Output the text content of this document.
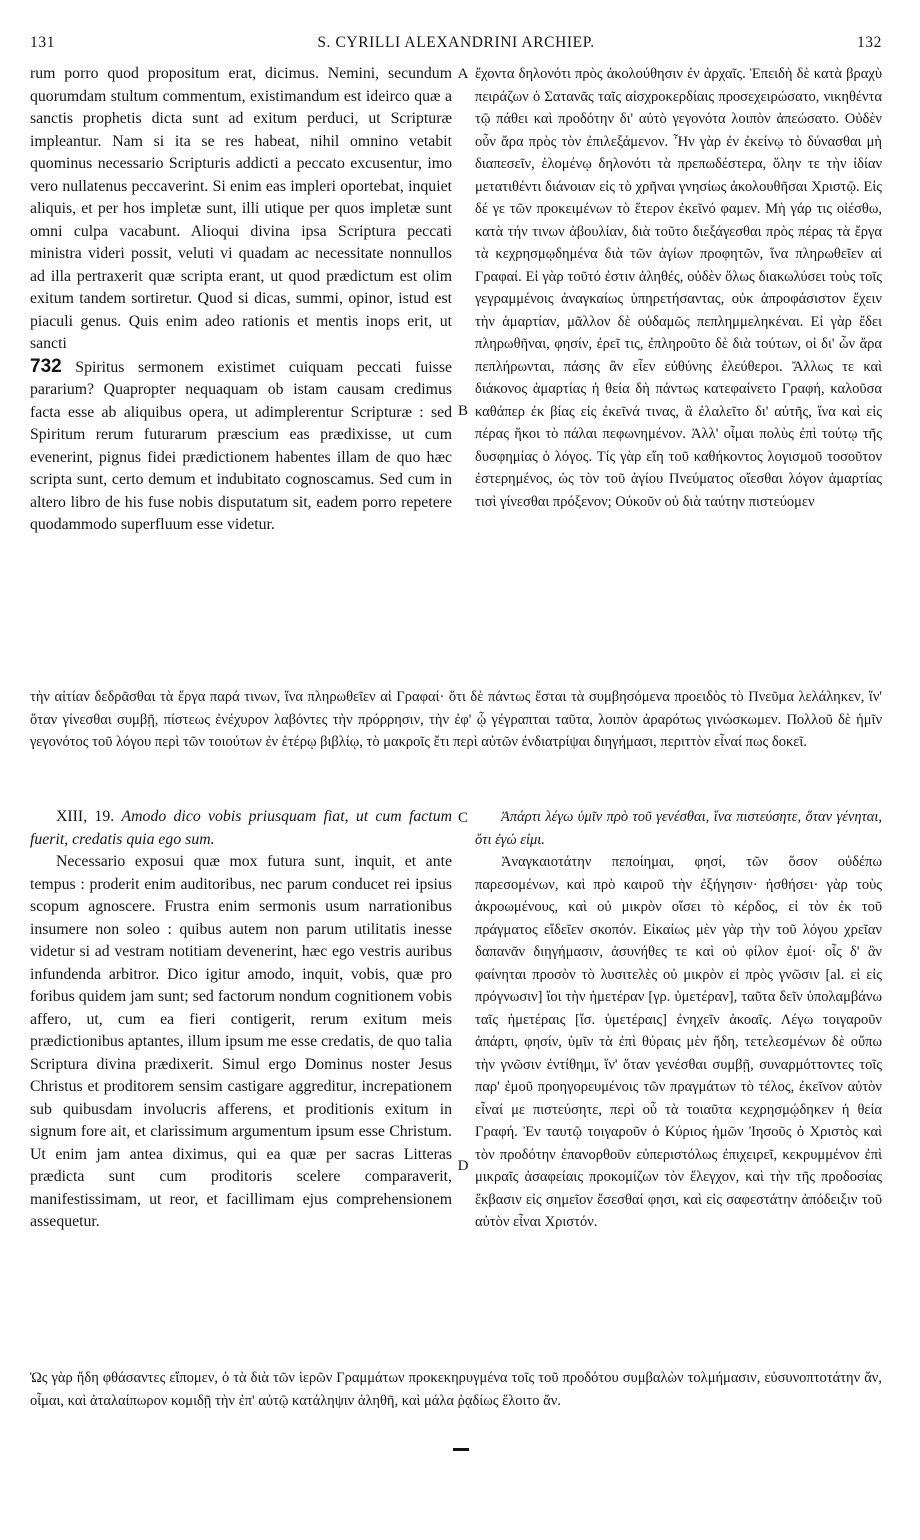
131	S. CYRILLI ALEXANDRINI ARCHIEP.	132

rum porro quod propositum erat, dicimus. Nemini, secundum quorumdam stultum commentum, existimandum est ideirco quæ a sanctis prophetis dicta sunt ad exitum perduci, ut Scripturæ impleantur. Nam si ita se res habeat, nihil omnino vetabit quominus necessario Scripturis addicti a peccato excusentur, imo vero nullatenus peccaverint. Si enim eas impleri oportebat, inquiet aliquis, et per hos impletæ sunt, illi utique per quos impletæ sunt omni culpa vacabunt. Alioqui divina ipsa Scriptura peccati ministra videri possit, veluti vi quadam ac necessitate nonnullos ad illa pertraxerit quæ scripta erant, ut quod prædictum est olim exitum tandem sortiretur. Quod si dicas, summi, opinor, istud est piaculi genus. Quis enim adeo rationis et mentis inops erit, ut sancti

732 Spiritus sermonem existimet cuiquam peccati fuisse pararium? Quapropter nequaquam ob istam causam credimus facta esse ab aliquibus opera, ut adimplerentur Scripturæ : sed Spiritum rerum futurarum præscium eas prædixisse, ut cum evenerint, pignus fidei prædictionem habentes illam de quo hæc scripta sunt, certo demum et indubitato cognoscamus. Sed cum in altero libro de his fuse nobis disputatum sit, eadem porro repetere quodammodo superfluum esse videtur.

ἔχοντα δηλονότι πρὸς ἀκολούθησιν ἐν ἀρχαῖς. Ἐπειδὴ δὲ κατὰ βραχὺ πειράζων ὁ Σατανᾶς ταῖς αἰσχροκερδίαις προσεχειρώσατο, νικηθέντα τῷ πάθει καὶ προδότην δι' αὐτὸ γεγονότα λοιπὸν ἀπεώσατο. Οὐδὲν οὖν ἄρα πρὸς τὸν ἐπιλεξάμενον. Ἦν γὰρ ἐν ἐκείνῳ τὸ δύνασθαι μὴ διαπεσεῖν, ἑλομένῳ δηλονότι τὰ πρεπωδέστερα, ὅλην τε τὴν ἰδίαν μετατιθέντι διάνοιαν εἰς τὸ χρῆναι γνησίως ἀκολουθῆσαι Χριστῷ. Εἰς δέ γε τῶν προκειμένων τὸ ἕτερον ἐκεῖνό φαμεν. Μὴ γάρ τις οἰέσθω, κατὰ τήν τινων ἀβουλίαν, διὰ τοῦτο διεξάγεσθαι πρὸς πέρας τὰ ἔργα τὰ κεχρησμῳδημένα διὰ τῶν ἁγίων προφητῶν, ἵνα πληρωθεῖεν αἱ Γραφαί. Εἰ γὰρ τοῦτό ἐστιν ἀληθές, οὐδὲν ὅλως διακωλύσει τοὺς τοῖς γεγραμμένοις ἀναγκαίως ὑπηρετήσαντας, οὐκ ἀπροφάσιστον ἔχειν τὴν ἁμαρτίαν, μᾶλλον δὲ οὐδαμῶς πεπλημμεληκέναι. Εἰ γὰρ ἔδει πληρωθῆναι, φησίν, ἐρεῖ τις, ἐπληροῦτο δὲ διὰ τούτων, οἱ δι' ὧν ἄρα πεπλήρωνται, πάσης ἂν εἶεν εὐθύνης ἐλεύθεροι. Ἄλλως τε καὶ διάκονος ἁμαρτίας ἡ θεία δὴ πάντως κατεφαίνετο Γραφή, καλοῦσα καθάπερ ἐκ βίας εἰς ἐκεῖνά τινας, ἃ ἐλαλεῖτο δι' αὐτῆς, ἵνα καὶ εἰς πέρας ἥκοι τὸ πάλαι πεφωνημένον. Ἀλλ' οἶμαι πολὺς ἐπὶ τούτῳ τῆς δυσφημίας ὁ λόγος. Τίς γὰρ εἴη τοῦ καθήκοντος λογισμοῦ τοσοῦτον ἐστερημένος, ὡς τὸν τοῦ ἁγίου Πνεύματος οἴεσθαι λόγον ἁμαρτίας τισὶ γίνεσθαι πρόξενον; Οὐκοῦν οὐ διὰ ταύτην πιστεύομεν

A
B

τὴν αἰτίαν δεδρᾶσθαι τὰ ἔργα παρά τινων, ἵνα πληρωθεῖεν αἱ Γραφαί· ὅτι δὲ πάντως ἔσται τὰ συμβησόμενα προειδὸς τὸ Πνεῦμα λελάληκεν, ἵν' ὅταν γίνεσθαι συμβῇ, πίστεως ἐνέχυρον λαβόντες τὴν πρόρρησιν, τὴν ἐφ' ᾧ γέγραπται ταῦτα, λοιπὸν ἀραρότως γινώσκωμεν. Πολλοῦ δὲ ἡμῖν γεγονότος τοῦ λόγου περὶ τῶν τοιούτων ἐν ἑτέρῳ βιβλίῳ, τὸ μακροῖς ἔτι περὶ αὐτῶν ἐνδιατρίψαι διηγήμασι, περιττὸν εἶναί πως δοκεῖ.

XIII, 19. Amodo dico vobis priusquam fiat, ut cum factum fuerit, credatis quia ego sum.

Necessario exposui quæ mox futura sunt, inquit, et ante tempus : proderit enim auditoribus, nec parum conducet rei ipsius scopum agnoscere. Frustra enim sermonis usum narrationibus insumere non soleo : quibus autem non parum utilitatis inesse videtur si ad vestram notitiam devenerint, hæc ego vestris auribus infundenda arbitror. Dico igitur amodo, inquit, vobis, quæ pro foribus quidem jam sunt; sed factorum nondum cognitionem vobis affero, ut, cum ea fieri contigerit, rerum exitum meis prædictionibus aptantes, illum ipsum me esse credatis, de quo talia Scriptura divina prædixerit. Simul ergo Dominus noster Jesus Christus et proditorem sensim castigare aggreditur, increpationem sub quibusdam involucris afferens, et proditionis exitum in signum fore ait, et clarissimum argumentum ipsum esse Christum. Ut enim jam antea diximus, qui ea quæ per sacras Litteras prædicta sunt cum proditoris scelere comparaverit, manifestissimam, ut reor, et facillimam ejus comprehensionem assequetur.

Ἀπάρτι λέγω ὑμῖν πρὸ τοῦ γενέσθαι, ἵνα πιστεύσητε, ὅταν γένηται, ὅτι ἐγώ εἰμι.

Ἀναγκαιοτάτην πεποίημαι, φησί, τῶν ὅσον οὐδέπω παρεσομένων, καὶ πρὸ καιροῦ τὴν ἐξήγησιν· ἠσθήσει· γὰρ τοὺς ἀκροωμένους, καὶ οὐ μικρὸν οἴσει τὸ κέρδος, εἰ τὸν ἐκ τοῦ πράγματος εἴδεῖεν σκοπόν. Εἰκαίως μὲν γὰρ τὴν τοῦ λόγου χρεῖαν δαπανᾶν διηγήμασιν, ἀσυνήθες τε καὶ οὐ φίλον ἐμοί· οἷς δ' ἂν φαίνηται προσὸν τὸ λυσιτελὲς οὐ μικρὸν εἰ πρὸς γνῶσιν [al. εἰ εἰς πρόγνωσιν] ἴοι τὴν ἡμετέραν [γρ. ὑμετέραν], ταῦτα δεῖν ὑπολαμβάνω ταῖς ἡμετέραις [ἴσ. ὑμετέραις] ἐνηχεῖν ἀκοαῖς. Λέγω τοιγαροῦν ἀπάρτι, φησίν, ὑμῖν τὰ ἐπὶ θύραις μὲν ἤδη, τετελεσμένων δὲ οὔπω τὴν γνῶσιν ἐντίθημι, ἵν' ὅταν γενέσθαι συμβῇ, συναρμόττοντες τοῖς παρ' ἐμοῦ προηγορευμένοις τῶν πραγμάτων τὸ τέλος, ἐκεῖνον αὐτὸν εἶναί με πιστεύσητε, περὶ οὗ τὰ τοιαῦτα κεχρησμῴδηκεν ἡ θεία Γραφή. Ἐν ταυτῷ τοιγαροῦν ὁ Κύριος ἡμῶν Ἰησοῦς ὁ Χριστὸς καὶ τὸν προδότην ἐπανορθοῦν εὐπεριστόλως ἐπιχειρεῖ, κεκρυμμένον ἐπὶ μικραῖς ἀσαφείαις προκομίζων τὸν ἔλεγχον, καὶ τὴν τῆς προδοσίας ἔκβασιν εἰς σημεῖον ἔσεσθαί φησι, καὶ εἰς σαφεστάτην ἀπόδειξιν τοῦ αὐτὸν εἶναι Χριστόν.

C
D

Ὡς γὰρ ἤδη φθάσαντες εἴπομεν, ὁ τὰ διὰ τῶν ἱερῶν Γραμμάτων προκεκηρυγμένα τοῖς τοῦ προδότου συμβαλὼν τολμήμασιν, εὐσυνοπτοτάτην ἄν, οἶμαι, καὶ ἀταλαίπωρον κομιδῇ τὴν ἐπ' αὐτῷ κατάληψιν ἀληθῆ, καὶ μάλα ῥᾳδίως ἕλοιτο ἄν.
